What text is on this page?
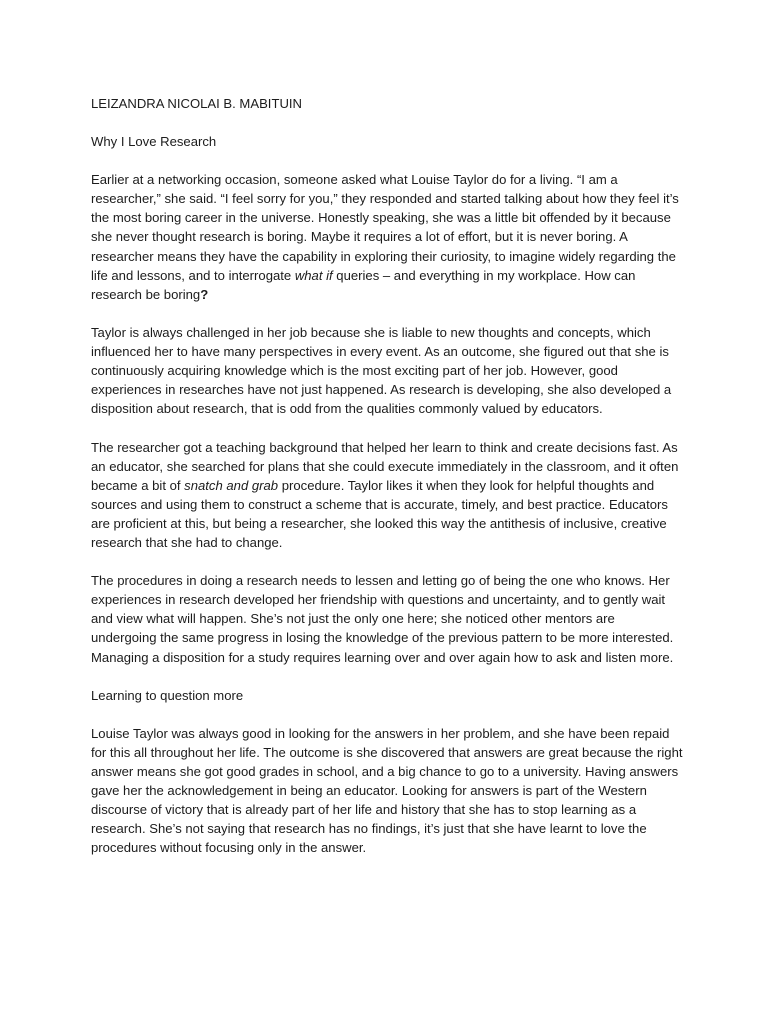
LEIZANDRA NICOLAI B. MABITUIN

Why I Love Research

Earlier at a networking occasion, someone asked what Louise Taylor do for a living. “I am a researcher,” she said. “I feel sorry for you,” they responded and started talking about how they feel it’s the most boring career in the universe. Honestly speaking, she was a little bit offended by it because she never thought research is boring. Maybe it requires a lot of effort, but it is never boring. A researcher means they have the capability in exploring their curiosity, to imagine widely regarding the life and lessons, and to interrogate what if queries – and everything in my workplace. How can research be boring?

Taylor is always challenged in her job because she is liable to new thoughts and concepts, which influenced her to have many perspectives in every event. As an outcome, she figured out that she is continuously acquiring knowledge which is the most exciting part of her job. However, good experiences in researches have not just happened. As research is developing, she also developed a disposition about research, that is odd from the qualities commonly valued by educators.

The researcher got a teaching background that helped her learn to think and create decisions fast. As an educator, she searched for plans that she could execute immediately in the classroom, and it often became a bit of snatch and grab procedure. Taylor likes it when they look for helpful thoughts and sources and using them to construct a scheme that is accurate, timely, and best practice. Educators are proficient at this, but being a researcher, she looked this way the antithesis of inclusive, creative research that she had to change.

The procedures in doing a research needs to lessen and letting go of being the one who knows. Her experiences in research developed her friendship with questions and uncertainty, and to gently wait and view what will happen. She’s not just the only one here; she noticed other mentors are undergoing the same progress in losing the knowledge of the previous pattern to be more interested. Managing a disposition for a study requires learning over and over again how to ask and listen more.

Learning to question more

Louise Taylor was always good in looking for the answers in her problem, and she have been repaid for this all throughout her life. The outcome is she discovered that answers are great because the right answer means she got good grades in school, and a big chance to go to a university. Having answers gave her the acknowledgement in being an educator. Looking for answers is part of the Western discourse of victory that is already part of her life and history that she has to stop learning as a research. She’s not saying that research has no findings, it’s just that she have learnt to love the procedures without focusing only in the answer.
